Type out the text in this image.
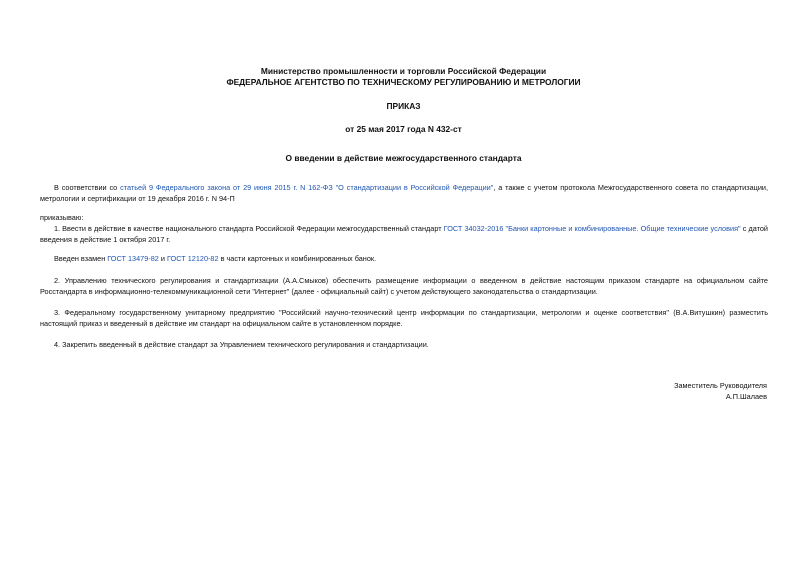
Министерство промышленности и торговли Российской Федерации
ФЕДЕРАЛЬНОЕ АГЕНТСТВО ПО ТЕХНИЧЕСКОМУ РЕГУЛИРОВАНИЮ И МЕТРОЛОГИИ
ПРИКАЗ
от 25 мая 2017 года N 432-ст
О введении в действие межгосударственного стандарта
В соответствии со статьей 9 Федерального закона от 29 июня 2015 г. N 162-ФЗ "О стандартизации в Российской Федерации", а также с учетом протокола Межгосударственного совета по стандартизации, метрологии и сертификации от 19 декабря 2016 г. N 94-П
приказываю:
1. Ввести в действие в качестве национального стандарта Российской Федерации межгосударственный стандарт ГОСТ 34032-2016 "Банки картонные и комбинированные. Общие технические условия" с датой введения в действие 1 октября 2017 г.
Введен взамен ГОСТ 13479-82 и ГОСТ 12120-82 в части картонных и комбинированных банок.
2. Управлению технического регулирования и стандартизации (А.А.Смыков) обеспечить размещение информации о введенном в действие настоящим приказом стандарте на официальном сайте Росстандарта в информационно-телекоммуникационной сети "Интернет" (далее - официальный сайт) с учетом действующего законодательства о стандартизации.
3. Федеральному государственному унитарному предприятию "Российский научно-технический центр информации по стандартизации, метрологии и оценке соответствия" (В.А.Витушкин) разместить настоящий приказ и введенный в действие им стандарт на официальном сайте в установленном порядке.
4. Закрепить введенный в действие стандарт за Управлением технического регулирования и стандартизации.
Заместитель Руководителя
А.П.Шалаев
